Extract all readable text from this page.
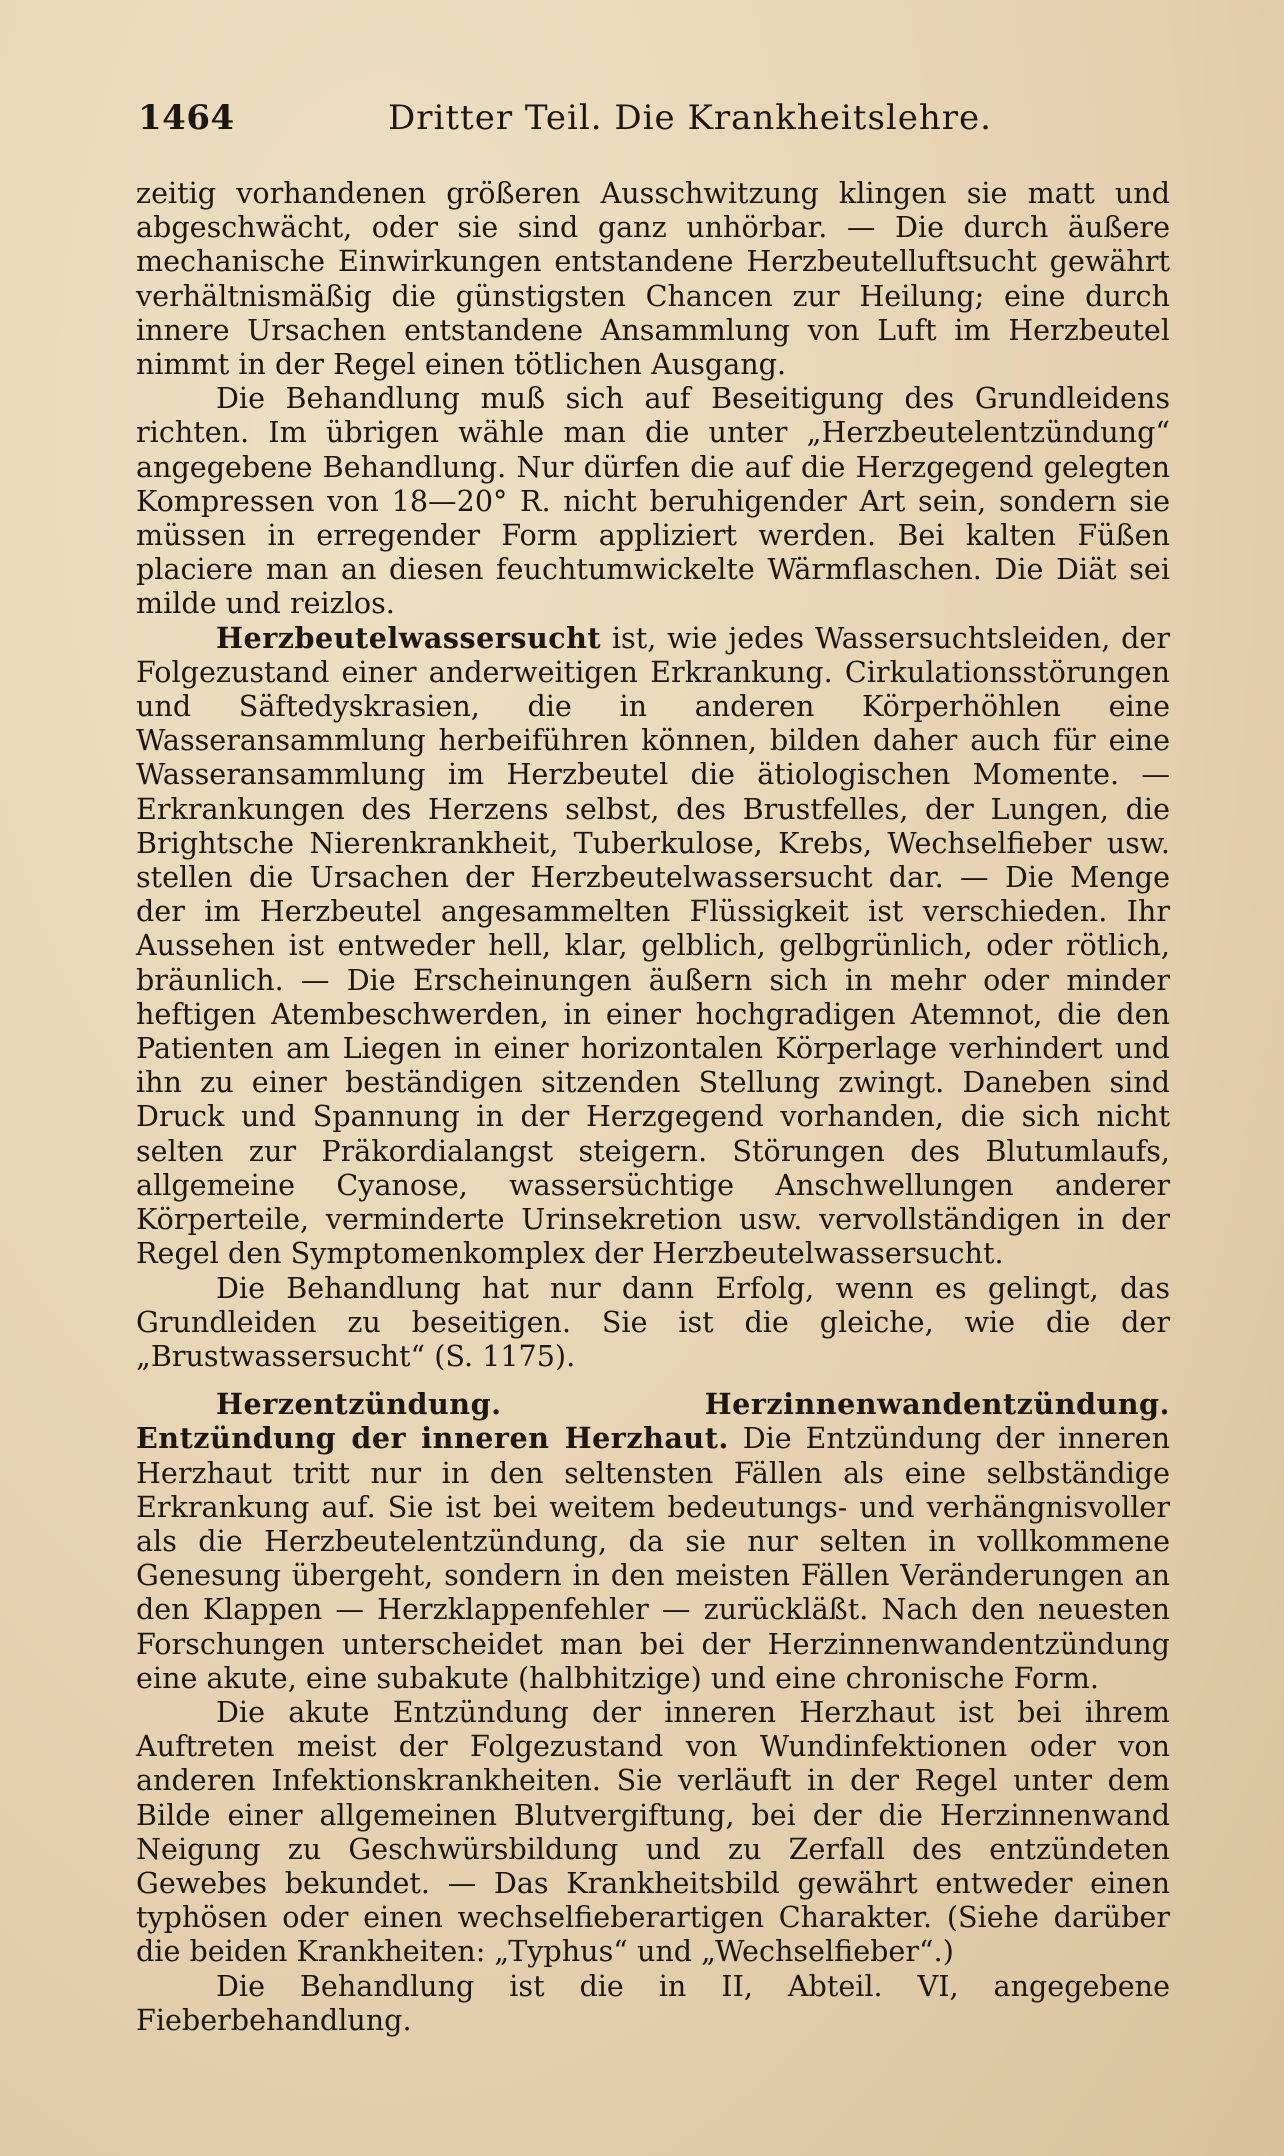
1464	Dritter Teil. Die Krankheitslehre.

zeitig vorhandenen größeren Ausschwitzung klingen sie matt und abgeschwächt, oder sie sind ganz unhörbar. — Die durch äußere mechanische Einwirkungen entstandene Herzbeutelluftsucht gewährt verhältnismäßig die günstigsten Chancen zur Heilung; eine durch innere Ursachen entstandene Ansammlung von Luft im Herzbeutel nimmt in der Regel einen tötlichen Ausgang.

Die Behandlung muß sich auf Beseitigung des Grundleidens richten. Im übrigen wähle man die unter „Herzbeutelentzündung“ angegebene Behandlung. Nur dürfen die auf die Herzgegend gelegten Kompressen von 18—20° R. nicht beruhigender Art sein, sondern sie müssen in erregender Form appliziert werden. Bei kalten Füßen placiere man an diesen feuchtumwickelte Wärmflaschen. Die Diät sei milde und reizlos.

Herzbeutelwassersucht ist, wie jedes Wassersuchtsleiden, der Folgezustand einer anderweitigen Erkrankung. Cirkulationsstörungen und Säftedyskrasien, die in anderen Körperhöhlen eine Wasseransammlung herbeiführen können, bilden daher auch für eine Wasseransammlung im Herzbeutel die ätiologischen Momente. — Erkrankungen des Herzens selbst, des Brustfelles, der Lungen, die Brightsche Nierenkrankheit, Tuberkulose, Krebs, Wechselfieber usw. stellen die Ursachen der Herzbeutelwassersucht dar. — Die Menge der im Herzbeutel angesammelten Flüssigkeit ist verschieden. Ihr Aussehen ist entweder hell, klar, gelblich, gelbgrünlich, oder rötlich, bräunlich. — Die Erscheinungen äußern sich in mehr oder minder heftigen Atembeschwerden, in einer hochgradigen Atemnot, die den Patienten am Liegen in einer horizontalen Körperlage verhindert und ihn zu einer beständigen sitzenden Stellung zwingt. Daneben sind Druck und Spannung in der Herzgegend vorhanden, die sich nicht selten zur Präkordialangst steigern. Störungen des Blutumlaufs, allgemeine Cyanose, wassersüchtige Anschwellungen anderer Körperteile, verminderte Urinsekretion usw. vervollständigen in der Regel den Symptomenkomplex der Herzbeutelwassersucht.

Die Behandlung hat nur dann Erfolg, wenn es gelingt, das Grundleiden zu beseitigen. Sie ist die gleiche, wie die der „Brustwassersucht“ (S. 1175).

Herzentzündung. Herzinnenwandentzündung. Entzündung der inneren Herzhaut. Die Entzündung der inneren Herzhaut tritt nur in den seltensten Fällen als eine selbständige Erkrankung auf. Sie ist bei weitem bedeutungs- und verhängnisvoller als die Herzbeutelentzündung, da sie nur selten in vollkommene Genesung übergeht, sondern in den meisten Fällen Veränderungen an den Klappen — Herzklappenfehler — zurückläßt. Nach den neuesten Forschungen unterscheidet man bei der Herzinnenwandentzündung eine akute, eine subakute (halbhitzige) und eine chronische Form.

Die akute Entzündung der inneren Herzhaut ist bei ihrem Auftreten meist der Folgezustand von Wundinfektionen oder von anderen Infektionskrankheiten. Sie verläuft in der Regel unter dem Bilde einer allgemeinen Blutvergiftung, bei der die Herzinnenwand Neigung zu Geschwürsbildung und zu Zerfall des entzündeten Gewebes bekundet. — Das Krankheitsbild gewährt entweder einen typhösen oder einen wechselfieberartigen Charakter. (Siehe darüber die beiden Krankheiten: „Typhus“ und „Wechselfieber“.)

Die Behandlung ist die in II, Abteil. VI, angegebene Fieberbehandlung.
